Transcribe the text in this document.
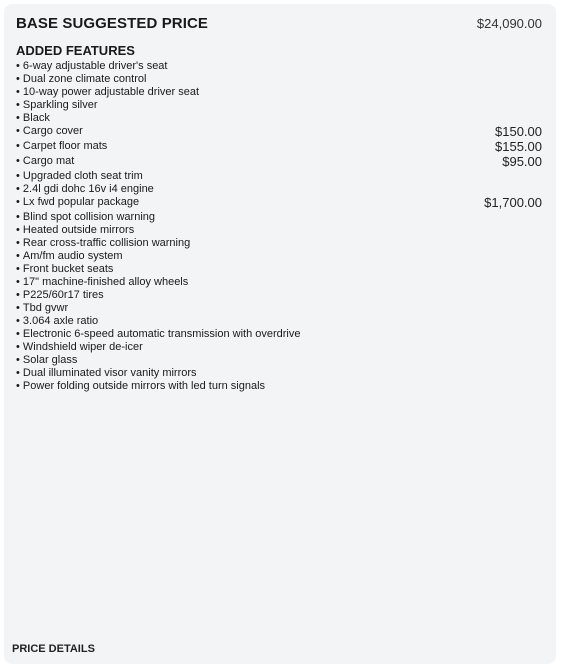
BASE SUGGESTED PRICE	$24,090.00
ADDED FEATURES
• 6-way adjustable driver's seat
• Dual zone climate control
• 10-way power adjustable driver seat
• Sparkling silver
• Black
• Cargo cover	$150.00
• Carpet floor mats	$155.00
• Cargo mat	$95.00
• Upgraded cloth seat trim
• 2.4l gdi dohc 16v i4 engine
• Lx fwd popular package	$1,700.00
• Blind spot collision warning
• Heated outside mirrors
• Rear cross-traffic collision warning
• Am/fm audio system
• Front bucket seats
• 17" machine-finished alloy wheels
• P225/60r17 tires
• Tbd gvwr
• 3.064 axle ratio
• Electronic 6-speed automatic transmission with overdrive
• Windshield wiper de-icer
• Solar glass
• Dual illuminated visor vanity mirrors
• Power folding outside mirrors with led turn signals
PRICE DETAILS
